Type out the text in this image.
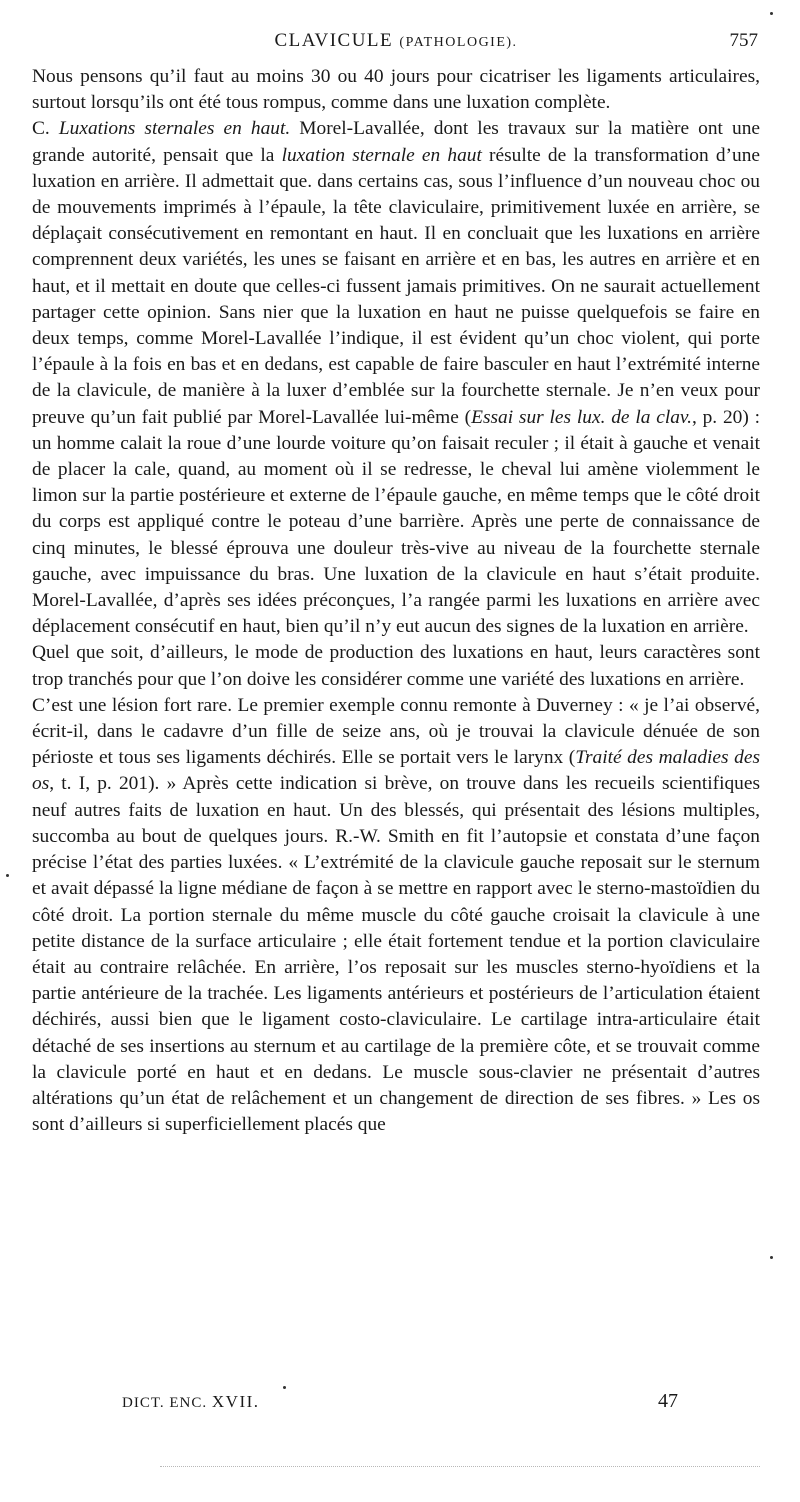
CLAVICULE (PATHOLOGIE).	757

Nous pensons qu’il faut au moins 30 ou 40 jours pour cicatriser les ligaments articulaires, surtout lorsqu’ils ont été tous rompus, comme dans une luxation complète.

C. Luxations sternales en haut. Morel-Lavallée, dont les travaux sur la matière ont une grande autorité, pensait que la luxation sternale en haut résulte de la transformation d’une luxation en arrière. Il admettait que. dans certains cas, sous l’influence d’un nouveau choc ou de mouvements imprimés à l’épaule, la tête claviculaire, primitivement luxée en arrière, se déplaçait consécutivement en remontant en haut. Il en concluait que les luxations en arrière comprennent deux variétés, les unes se faisant en arrière et en bas, les autres en arrière et en haut, et il mettait en doute que celles-ci fussent jamais primitives. On ne saurait actuellement partager cette opinion. Sans nier que la luxation en haut ne puisse quelquefois se faire en deux temps, comme Morel-Lavallée l’indique, il est évident qu’un choc violent, qui porte l’épaule à la fois en bas et en dedans, est capable de faire basculer en haut l’extrémité interne de la clavicule, de manière à la luxer d’emblée sur la fourchette sternale. Je n’en veux pour preuve qu’un fait publié par Morel-Lavallée lui-même (Essai sur les lux. de la clav., p. 20) : un homme calait la roue d’une lourde voiture qu’on faisait reculer ; il était à gauche et venait de placer la cale, quand, au moment où il se redresse, le cheval lui amène violemment le limon sur la partie postérieure et externe de l’épaule gauche, en même temps que le côté droit du corps est appliqué contre le poteau d’une barrière. Après une perte de connaissance de cinq minutes, le blessé éprouva une douleur très-vive au niveau de la fourchette sternale gauche, avec impuissance du bras. Une luxation de la clavicule en haut s’était produite. Morel-Lavallée, d’après ses idées préconçues, l’a rangée parmi les luxations en arrière avec déplacement consécutif en haut, bien qu’il n’y eut aucun des signes de la luxation en arrière.

Quel que soit, d’ailleurs, le mode de production des luxations en haut, leurs caractères sont trop tranchés pour que l’on doive les considérer comme une variété des luxations en arrière.

C’est une lésion fort rare. Le premier exemple connu remonte à Duverney : « je l’ai observé, écrit-il, dans le cadavre d’un fille de seize ans, où je trouvai la clavicule dénuée de son périoste et tous ses ligaments déchirés. Elle se portait vers le larynx (Traité des maladies des os, t. I, p. 201). » Après cette indication si brève, on trouve dans les recueils scientifiques neuf autres faits de luxation en haut. Un des blessés, qui présentait des lésions multiples, succomba au bout de quelques jours. R.-W. Smith en fit l’autopsie et constata d’une façon précise l’état des parties luxées. « L’extrémité de la clavicule gauche reposait sur le sternum et avait dépassé la ligne médiane de façon à se mettre en rapport avec le sterno-mastoïdien du côté droit. La portion sternale du même muscle du côté gauche croisait la clavicule à une petite distance de la surface articulaire ; elle était fortement tendue et la portion claviculaire était au contraire relâchée. En arrière, l’os reposait sur les muscles sterno-hyoïdiens et la partie antérieure de la trachée. Les ligaments antérieurs et postérieurs de l’articulation étaient déchirés, aussi bien que le ligament costo-claviculaire. Le cartilage intra-articulaire était détaché de ses insertions au sternum et au cartilage de la première côte, et se trouvait comme la clavicule porté en haut et en dedans. Le muscle sous-clavier ne présentait d’autres altérations qu’un état de relâchement et un changement de direction de ses fibres. » Les os sont d’ailleurs si superficiellement placés que

DICT. ENC. XVII.	47
